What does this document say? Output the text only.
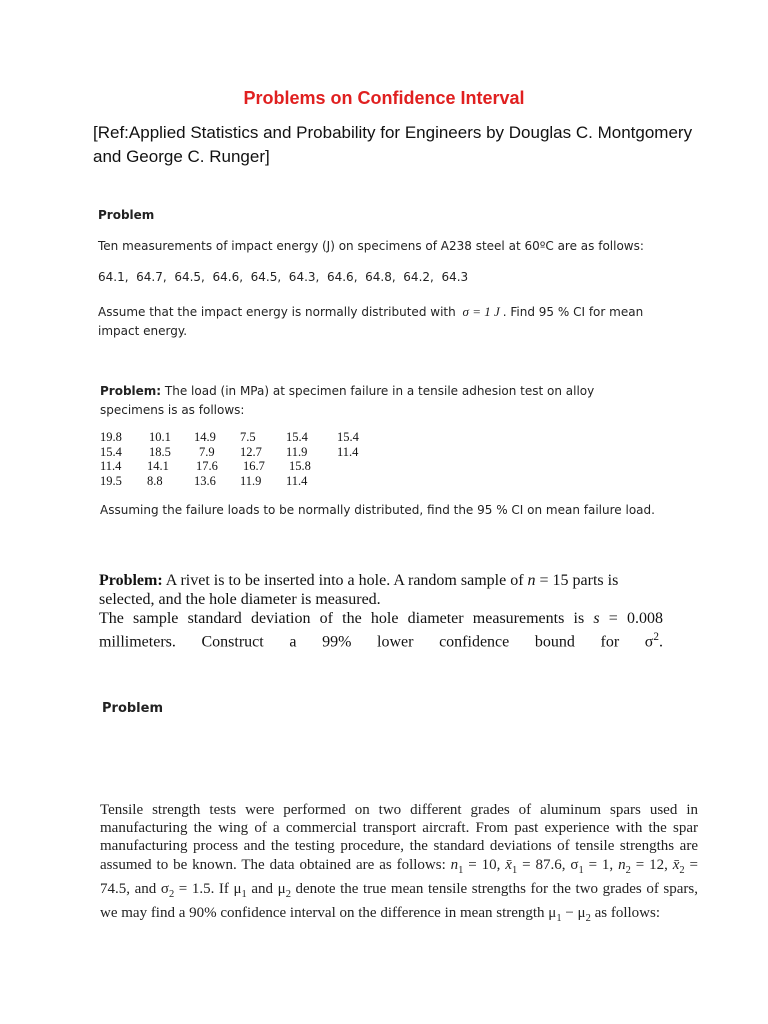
Problems on Confidence Interval
[Ref:Applied Statistics and Probability for Engineers by Douglas C. Montgomery and George C. Runger]
Problem
Ten measurements of impact energy (J) on specimens of A238 steel at 60ºC are as follows:
64.1,  64.7,  64.5,  64.6,  64.5,  64.3,  64.6,  64.8,  64.2,  64.3
Assume that the impact energy is normally distributed with σ = 1 J . Find 95 % CI for mean impact energy.
Problem: The load (in MPa) at specimen failure in a tensile adhesion test on alloy specimens is as follows:
19.8 10.1 14.9 7.5 15.4 15.4
15.4 18.5 7.9 12.7 11.9 11.4
11.4 14.1 17.6 16.7 15.8
19.5 8.8	13.6 11.9 11.4
Assuming the failure loads to be normally distributed, find the 95 % CI on mean failure load.
Problem: A rivet is to be inserted into a hole. A random sample of n = 15 parts is selected, and the hole diameter is measured. The sample standard deviation of the hole diameter measurements is s = 0.008 millimeters. Construct a 99% lower confidence bound for $\sigma^2$.
Problem
Tensile strength tests were performed on two different grades of aluminum spars used in manufacturing the wing of a commercial transport aircraft. From past experience with the spar manufacturing process and the testing procedure, the standard deviations of tensile strengths are assumed to be known. The data obtained are as follows: $n_1 = 10$, $x̄_1 = 87.6$, $\sigma_1 = 1$, $n_2 = 12$, $x̄_2 = 74.5$, and $\sigma_2 = 1.5$. If $\mu_1$ and $\mu_2$ denote the true mean tensile strengths for the two grades of spars, we may find a 90% confidence interval on the difference in mean strength $\mu_1 - \mu_2$ as follows:
